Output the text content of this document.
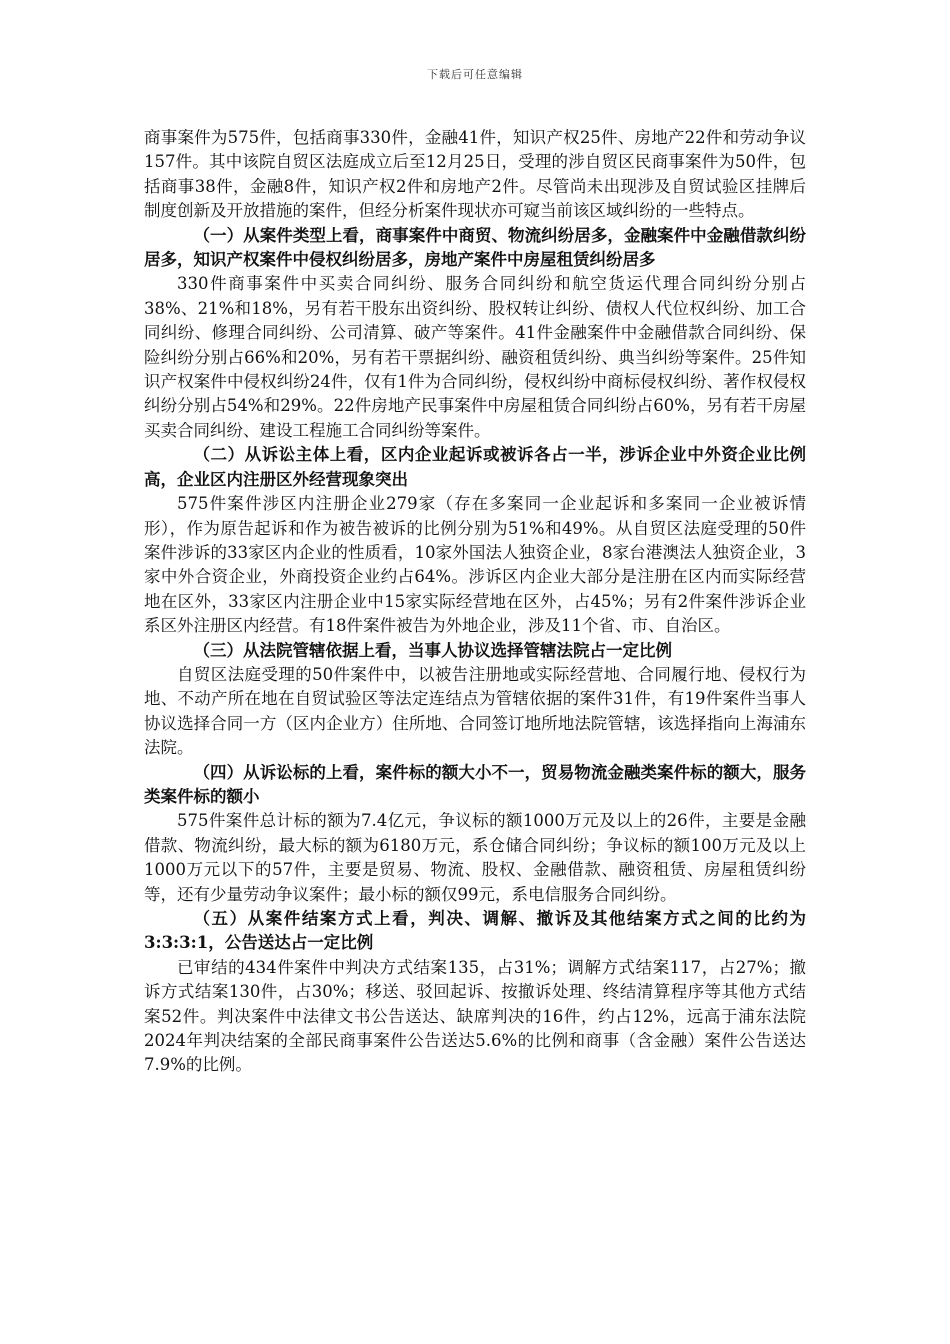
下载后可任意编辑

商事案件为575件，包括商事330件，金融41件，知识产权25件、房地产22件和劳动争议157件。其中该院自贸区法庭成立后至12月25日，受理的涉自贸区民商事案件为50件，包括商事38件，金融8件，知识产权2件和房地产2件。尽管尚未出现涉及自贸试验区挂牌后制度创新及开放措施的案件，但经分析案件现状亦可窥当前该区域纠纷的一些特点。

（一）从案件类型上看，商事案件中商贸、物流纠纷居多，金融案件中金融借款纠纷居多，知识产权案件中侵权纠纷居多，房地产案件中房屋租赁纠纷居多

330件商事案件中买卖合同纠纷、服务合同纠纷和航空货运代理合同纠纷分别占38%、21%和18%，另有若干股东出资纠纷、股权转让纠纷、债权人代位权纠纷、加工合同纠纷、修理合同纠纷、公司清算、破产等案件。41件金融案件中金融借款合同纠纷、保险纠纷分别占66%和20%，另有若干票据纠纷、融资租赁纠纷、典当纠纷等案件。25件知识产权案件中侵权纠纷24件，仅有1件为合同纠纷，侵权纠纷中商标侵权纠纷、著作权侵权纠纷分别占54%和29%。22件房地产民事案件中房屋租赁合同纠纷占60%，另有若干房屋买卖合同纠纷、建设工程施工合同纠纷等案件。

（二）从诉讼主体上看，区内企业起诉或被诉各占一半，涉诉企业中外资企业比例高，企业区内注册区外经营现象突出

575件案件涉区内注册企业279家（存在多案同一企业起诉和多案同一企业被诉情形），作为原告起诉和作为被告被诉的比例分别为51%和49%。从自贸区法庭受理的50件案件涉诉的33家区内企业的性质看，10家外国法人独资企业，8家台港澳法人独资企业，3家中外合资企业，外商投资企业约占64%。涉诉区内企业大部分是注册在区内而实际经营地在区外，33家区内注册企业中15家实际经营地在区外，占45%；另有2件案件涉诉企业系区外注册区内经营。有18件案件被告为外地企业，涉及11个省、市、自治区。

（三）从法院管辖依据上看，当事人协议选择管辖法院占一定比例

自贸区法庭受理的50件案件中，以被告注册地或实际经营地、合同履行地、侵权行为地、不动产所在地在自贸试验区等法定连结点为管辖依据的案件31件，有19件案件当事人协议选择合同一方（区内企业方）住所地、合同签订地所地法院管辖，该选择指向上海浦东法院。

（四）从诉讼标的上看，案件标的额大小不一，贸易物流金融类案件标的额大，服务类案件标的额小

575件案件总计标的额为7.4亿元，争议标的额1000万元及以上的26件，主要是金融借款、物流纠纷，最大标的额为6180万元，系仓储合同纠纷；争议标的额100万元及以上1000万元以下的57件，主要是贸易、物流、股权、金融借款、融资租赁、房屋租赁纠纷等，还有少量劳动争议案件；最小标的额仅99元，系电信服务合同纠纷。

（五）从案件结案方式上看，判决、调解、撤诉及其他结案方式之间的比约为3:3:3:1，公告送达占一定比例

已审结的434件案件中判决方式结案135，占31%；调解方式结案117，占27%；撤诉方式结案130件，占30%；移送、驳回起诉、按撤诉处理、终结清算程序等其他方式结案52件。判决案件中法律文书公告送达、缺席判决的16件，约占12%，远高于浦东法院2024年判决结案的全部民商事案件公告送达5.6%的比例和商事（含金融）案件公告送达7.9%的比例。
